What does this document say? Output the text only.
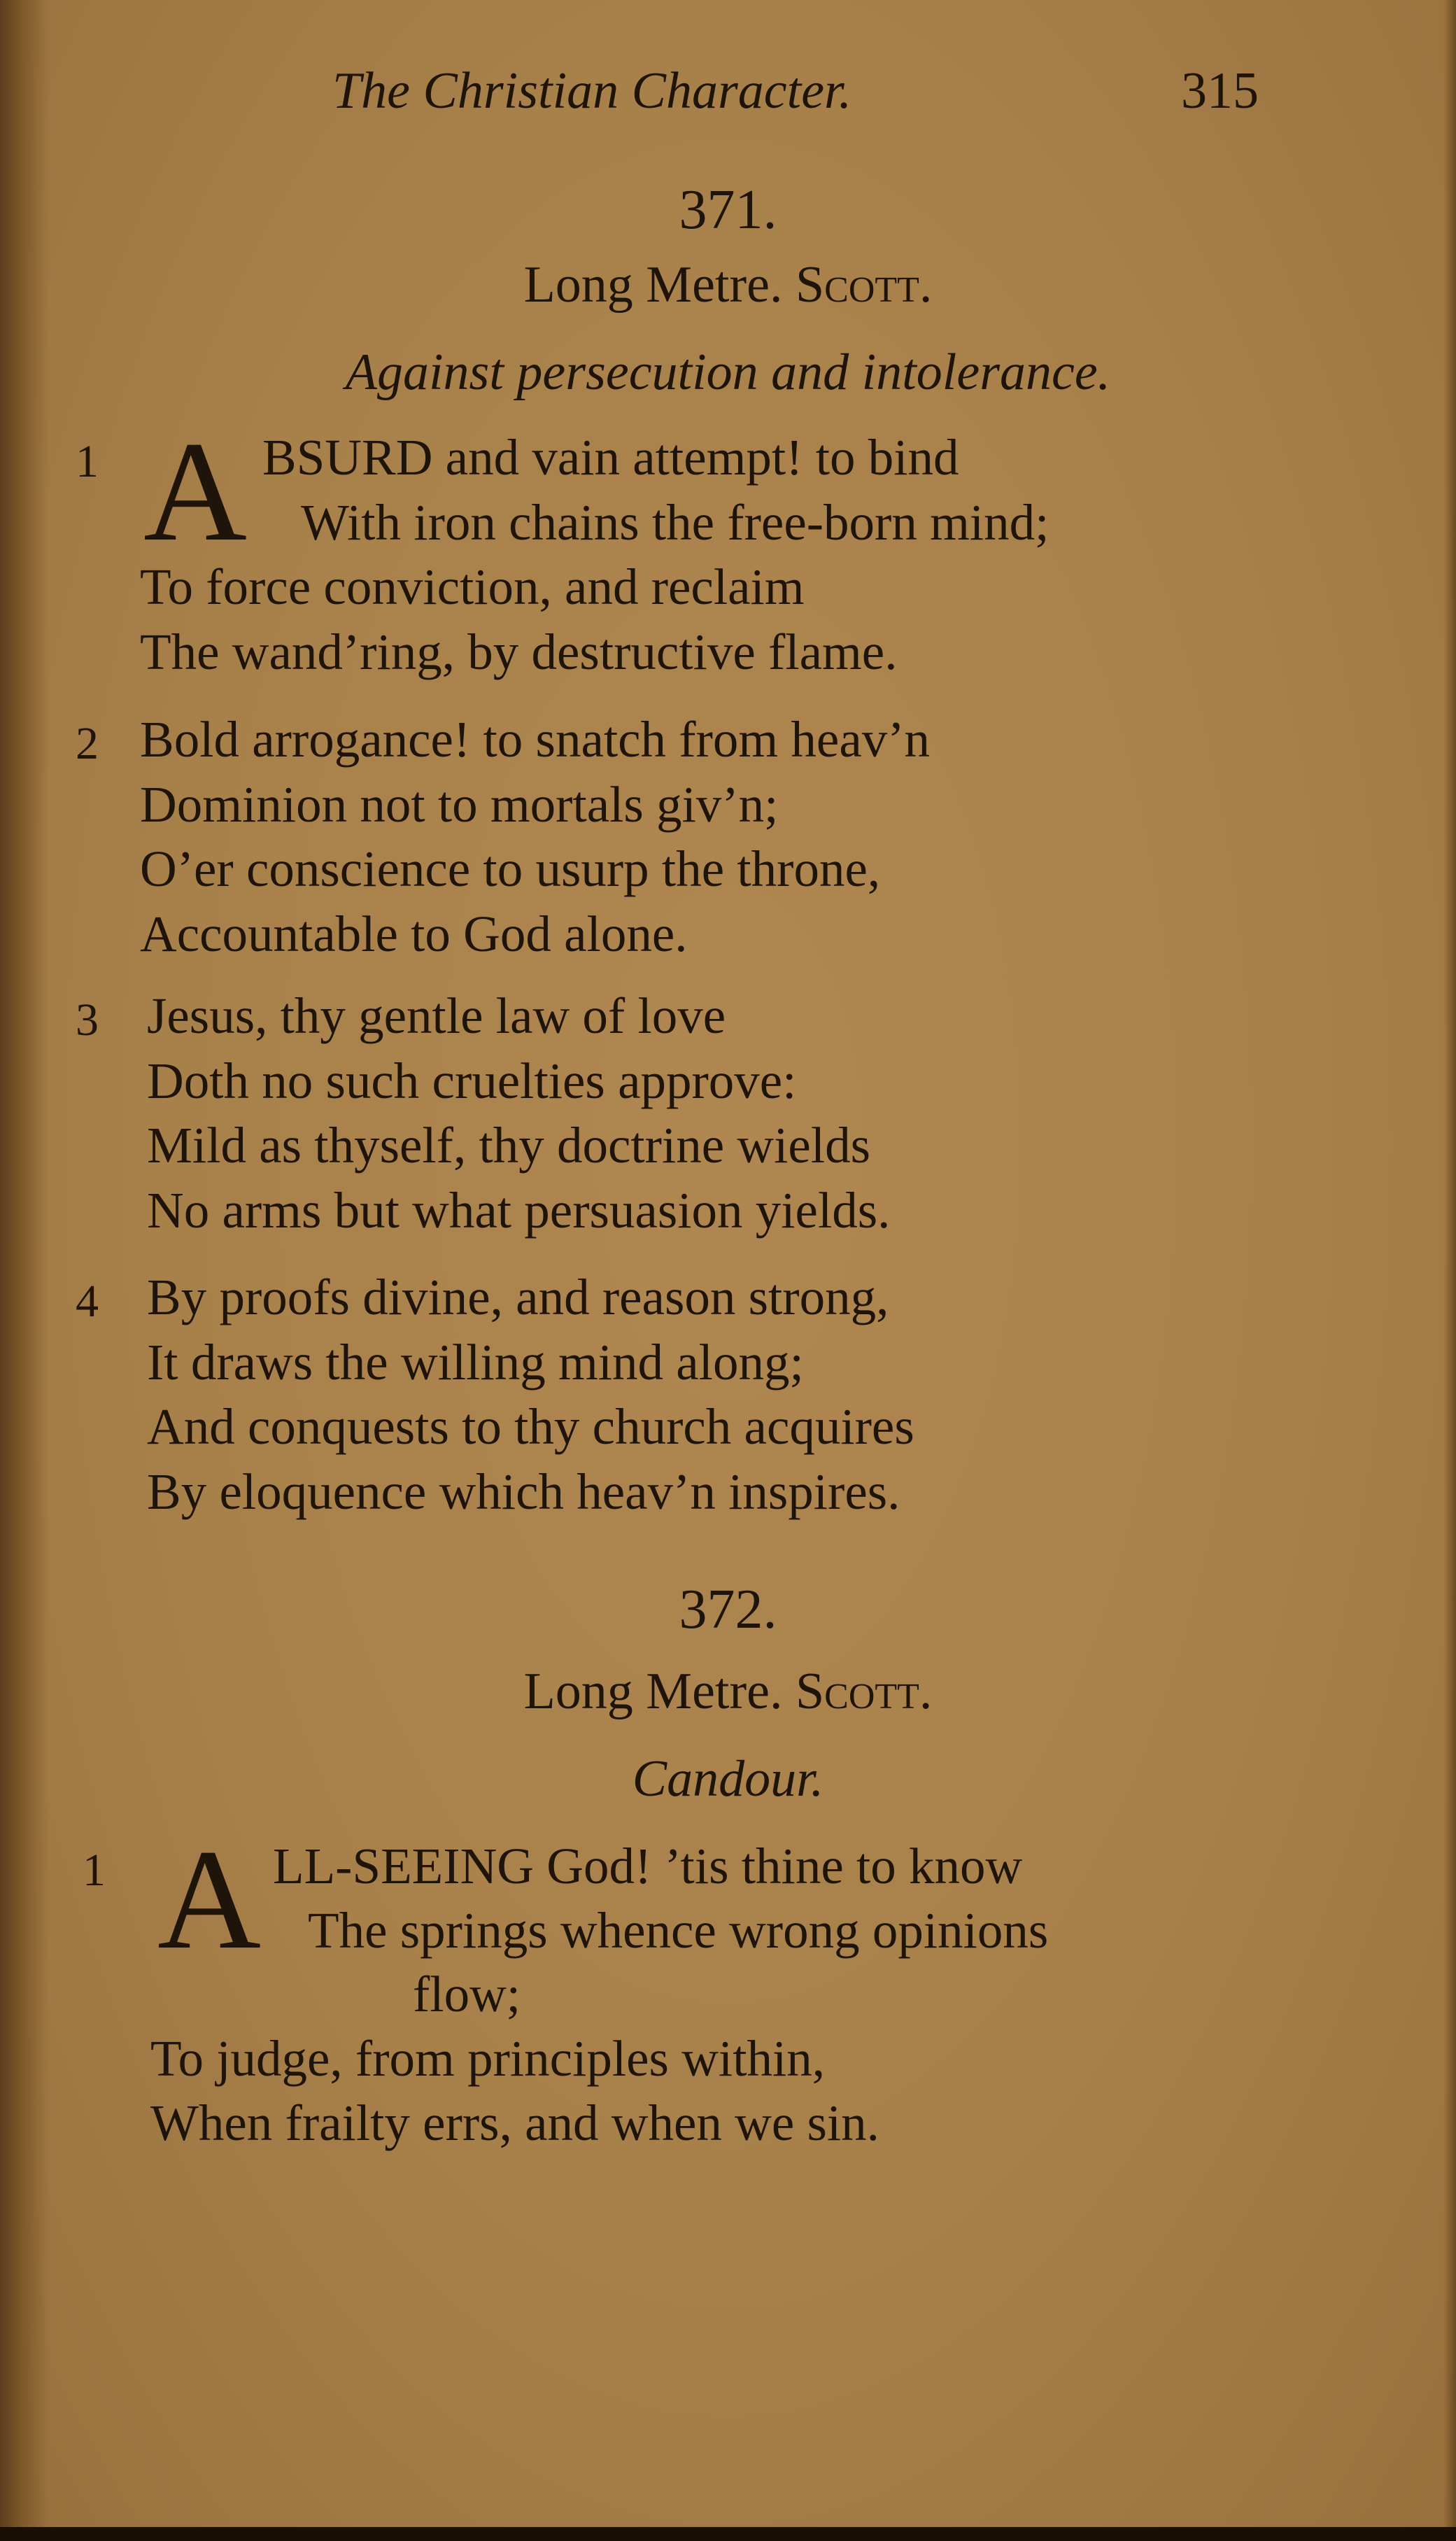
The Christian Character.	315
371.
Long Metre. Scott.
Against persecution and intolerance.
1 A BSURD and vain attempt! to bind
With iron chains the free-born mind;
To force conviction, and reclaim
The wand’ring, by destructive flame.
2 Bold arrogance! to snatch from heav’n
Dominion not to mortals giv’n;
O’er conscience to usurp the throne,
Accountable to God alone.
3 Jesus, thy gentle law of love
Doth no such cruelties approve:
Mild as thyself, thy doctrine wields
No arms but what persuasion yields.
4 By proofs divine, and reason strong,
It draws the willing mind along;
And conquests to thy church acquires
By eloquence which heav’n inspires.
372.
Long Metre. Scott.
Candour.
1 A LL-SEEING God! ’tis thine to know
The springs whence wrong opinions
flow;
To judge, from principles within,
When frailty errs, and when we sin.
